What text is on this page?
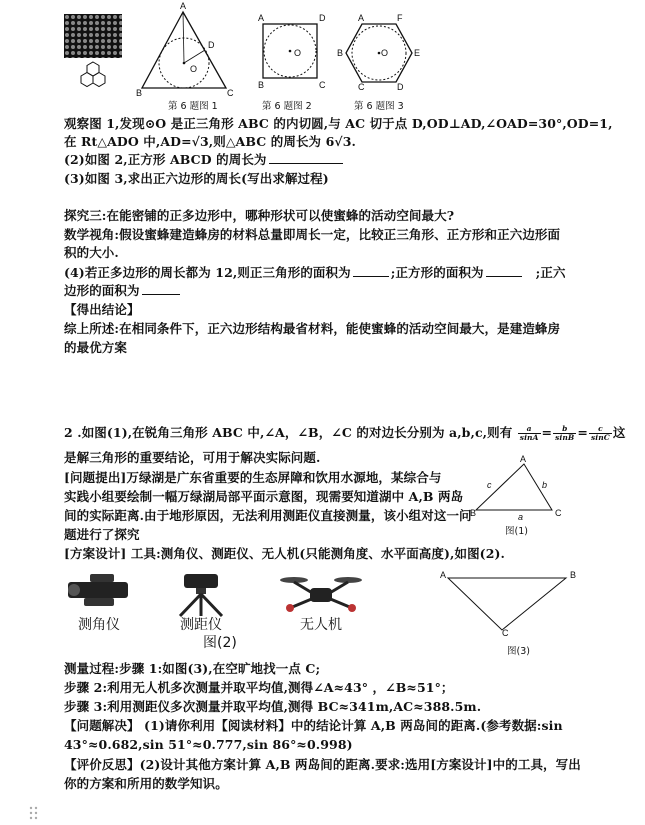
A
B	C
D
O
A	D
B	C
O
A	F
B	E
C	D
O
第 6 题图 1	第 6 题图 2	第 6 题图 3
观察图 1,发现⊙O 是正三角形 ABC 的内切圆,与 AC 切于点 D,OD⊥AD,∠OAD=30°,OD=1,
在 Rt△ADO 中,AD=√3,则△ABC 的周长为 6√3.
(2)如图 2,正方形 ABCD 的周长为
(3)如图 3,求出正六边形的周长(写出求解过程)
探究三:在能密铺的正多边形中，哪种形状可以使蜜蜂的活动空间最大?
数学视角:假设蜜蜂建造蜂房的材料总量即周长一定，比较正三角形、正方形和正六边形面
积的大小.
(4)若正多边形的周长都为 12,则正三角形的面积为	;正方形的面积为	;正六
边形的面积为
【得出结论】
综上所述:在相同条件下，正六边形结构最省材料，能使蜜蜂的活动空间最大，是建造蜂房
的最优方案
2 .如图(1),在锐角三角形 ABC 中,∠A，∠B，∠C 的对边长分别为 a,b,c,则有 $\frac{a}{\sin A} = \frac{b}{\sin B} = \frac{c}{\sin C}$ 这
是解三角形的重要结论，可用于解决实际问题.
[问题提出]万绿湖是广东省重要的生态屏障和饮用水源地，某综合与
实践小组要绘制一幅万绿湖局部平面示意图，现需要知道湖中 A,B 两岛
间的实际距离.由于地形原因，无法利用测距仪直接测量，该小组对这一问
题进行了探究
[方案设计] 工具:测角仪、测距仪、无人机(只能测角度、水平面高度),如图(2).
A
B	C
a
b
c
图(1)
测角仪	测距仪	无人机
图(2)
A	B
C
图(3)
测量过程:步骤 1:如图(3),在空旷地找一点 C;
步骤 2:利用无人机多次测量并取平均值,测得∠A≈43° ，∠B≈51°；
步骤 3:利用测距仪多次测量并取平均值,测得 BC≈341m,AC≈388.5m.
【问题解决】 (1)请你利用【阅读材料】中的结论计算 A,B 两岛间的距离.(参考数据:sin
43°≈0.682,sin 51°≈0.777,sin 86°≈0.998)
【评价反思】(2)设计其他方案计算 A,B 两岛间的距离.要求:选用[方案设计]中的工具，写出
你的方案和所用的数学知识。
